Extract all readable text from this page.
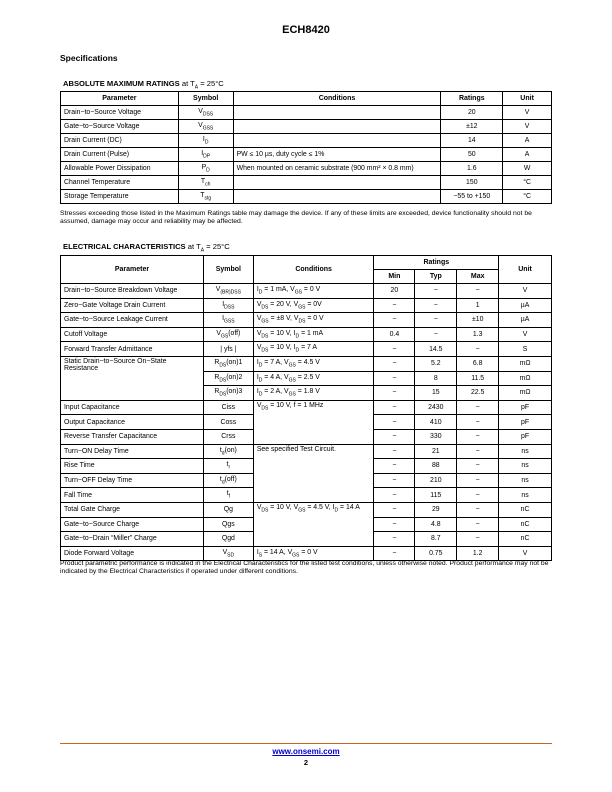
ECH8420
Specifications
ABSOLUTE MAXIMUM RATINGS at $T_A = 25^\circ C$
Parameter	Symbol	Conditions	Ratings	Unit
Drain−to−Source Voltage	$V_{DSS}$		20	V
Gate−to−Source Voltage	$V_{GSS}$		±12	V
Drain Current (DC)	$I_D$		14	A
Drain Current (Pulse)	$I_{DP}$	PW ≤ 10 µs, duty cycle ≤ 1%	50	A
Allowable Power Dissipation	$P_D$	When mounted on ceramic substrate (900 mm² × 0.8 mm)	1.6	W
Channel Temperature	$T_{ch}$		150	°C
Storage Temperature	$T_{stg}$		−55 to +150	°C
Stresses exceeding those listed in the Maximum Ratings table may damage the device. If any of these limits are exceeded, device functionality should not be assumed, damage may occur and reliability may be affected.
ELECTRICAL CHARACTERISTICS at $T_A = 25^\circ C$
Parameter	Symbol	Conditions	Ratings			Unit
			Min	Typ	Max	
Drain−to−Source Breakdown Voltage	$V_{(BR)DSS}$	$I_D = 1$ mA, $V_{GS} = 0$ V	20	−	−	V
Zero−Gate Voltage Drain Current	$I_{DSS}$	$V_{DS} = 20$ V, $V_{GS} = 0V$	−	−	1	µA
Gate−to−Source Leakage Current	$I_{GSS}$	$V_{GS} = \pm 8$ V, $V_{DS} = 0$ V	−	−	±10	µA
Cutoff Voltage	$V_{GS}(off)$	$V_{DS} = 10$ V, $I_D = 1$ mA	0.4	−	1.3	V
Forward Transfer Admittance	| yfs |	$V_{DS} = 10$ V, $I_D = 7$ A	−	14.5	−	S
Static Drain−to−Source On−State Resistance	$R_{DS}(on)1$	$I_D = 7$ A, $V_{GS} = 4.5$ V	−	5.2	6.8	mΩ
	$R_{DS}(on)2$	$I_D = 4$ A, $V_{GS} = 2.5$ V	−	8	11.5	mΩ
	$R_{DS}(on)3$	$I_D = 2$ A, $V_{GS} = 1.8$ V	−	15	22.5	mΩ
Input Capacitance	Ciss	$V_{DS} = 10$ V, f = 1 MHz	−	2430	−	pF
Output Capacitance	Coss		−	410	−	pF
Reverse Transfer Capacitance	Crss		−	330	−	pF
Turn−ON Delay Time	$t_d(on)$	See specified Test Circuit.	−	21	−	ns
Rise Time	$t_r$		−	88	−	ns
Turn−OFF Delay Time	$t_d(off)$		−	210	−	ns
Fall Time	$t_f$		−	115	−	ns
Total Gate Charge	Qg	$V_{DS} = 10$ V, $V_{GS} = 4.5$ V, $I_D = 14$ A	−	29	−	nC
Gate−to−Source Charge	Qgs		−	4.8	−	nC
Gate−to−Drain “Miller” Charge	Qgd		−	8.7	−	nC
Diode Forward Voltage	$V_{SD}$	$I_S = 14$ A, $V_{GS} = 0$ V	−	0.75	1.2	V
Product parametric performance is indicated in the Electrical Characteristics for the listed test conditions, unless otherwise noted. Product performance may not be indicated by the Electrical Characteristics if operated under different conditions.
www.onsemi.com
2
